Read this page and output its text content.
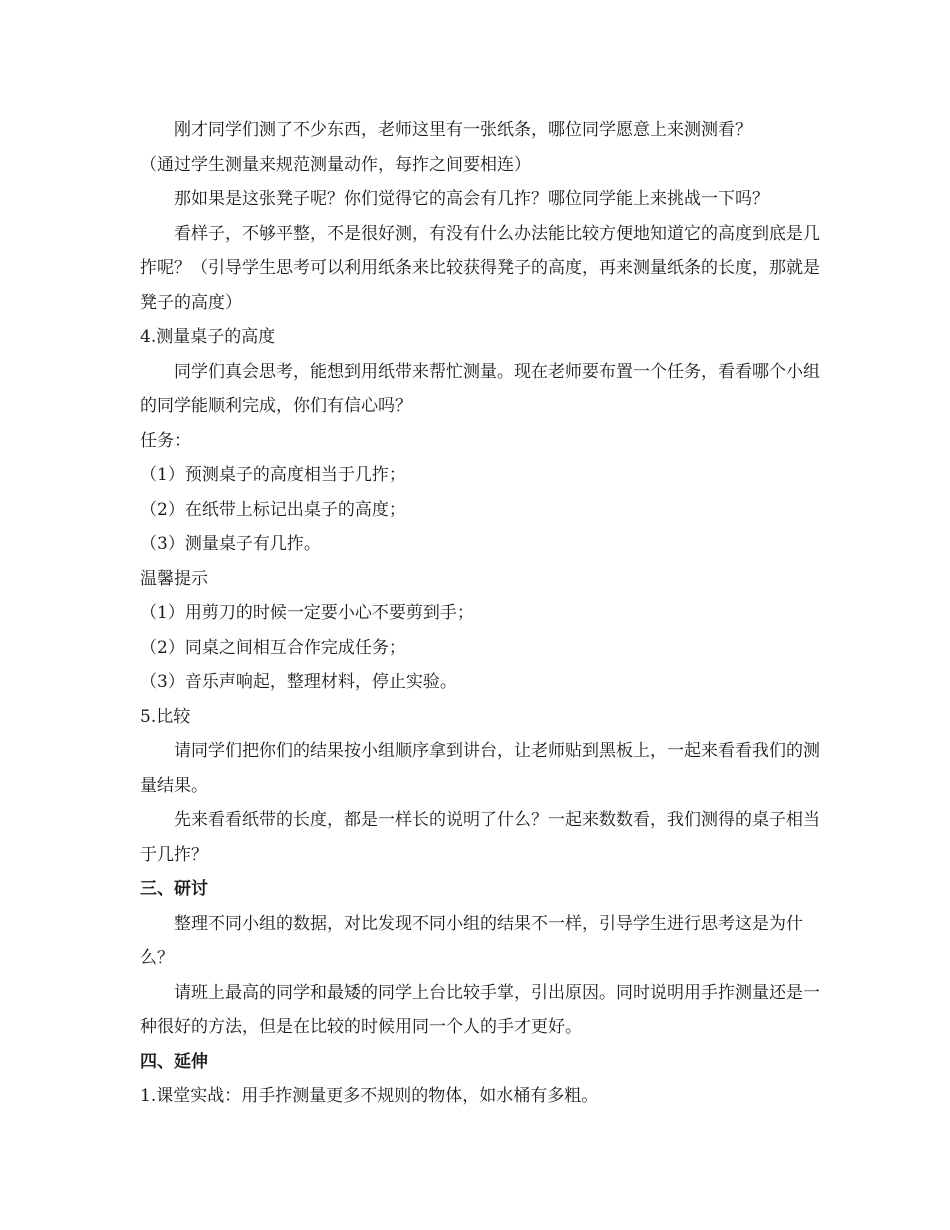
刚才同学们测了不少东西，老师这里有一张纸条，哪位同学愿意上来测测看？

（通过学生测量来规范测量动作，每拃之间要相连）

那如果是这张凳子呢？你们觉得它的高会有几拃？哪位同学能上来挑战一下吗？

看样子，不够平整，不是很好测，有没有什么办法能比较方便地知道它的高度到底是几拃呢？（引导学生思考可以利用纸条来比较获得凳子的高度，再来测量纸条的长度，那就是凳子的高度）

4.测量桌子的高度

同学们真会思考，能想到用纸带来帮忙测量。现在老师要布置一个任务，看看哪个小组的同学能顺利完成，你们有信心吗？

任务：

（1）预测桌子的高度相当于几拃；

（2）在纸带上标记出桌子的高度；

（3）测量桌子有几拃。

温馨提示

（1）用剪刀的时候一定要小心不要剪到手；

（2）同桌之间相互合作完成任务；

（3）音乐声响起，整理材料，停止实验。

5.比较

请同学们把你们的结果按小组顺序拿到讲台，让老师贴到黑板上，一起来看看我们的测量结果。

先来看看纸带的长度，都是一样长的说明了什么？一起来数数看，我们测得的桌子相当于几拃？

三、研讨

整理不同小组的数据，对比发现不同小组的结果不一样，引导学生进行思考这是为什么？

请班上最高的同学和最矮的同学上台比较手掌，引出原因。同时说明用手拃测量还是一种很好的方法，但是在比较的时候用同一个人的手才更好。

四、延伸

1.课堂实战：用手拃测量更多不规则的物体，如水桶有多粗。
